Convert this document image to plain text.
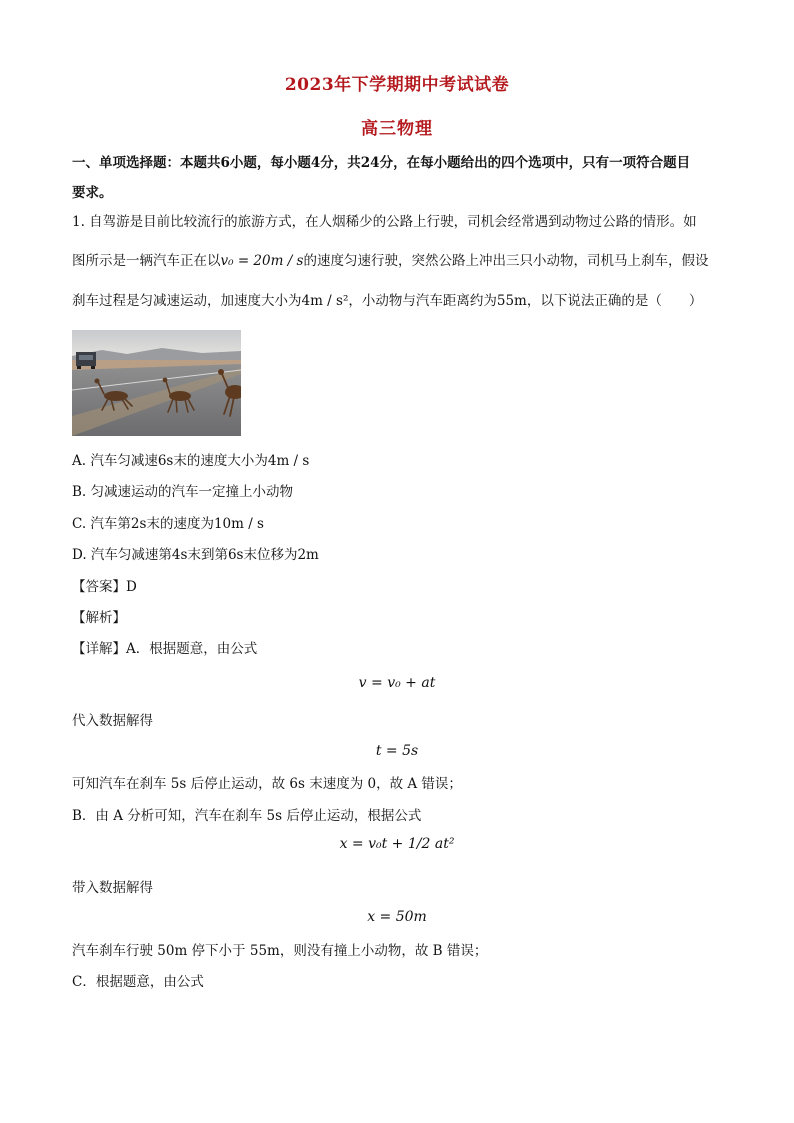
2023年下学期期中考试试卷
高三物理
一、单项选择题：本题共6小题，每小题4分，共24分，在每小题给出的四个选项中，只有一项符合题目
要求。
1. 自驾游是目前比较流行的旅游方式，在人烟稀少的公路上行驶，司机会经常遇到动物过公路的情形。如
图所示是一辆汽车正在以v₀ = 20m / s的速度匀速行驶，突然公路上冲出三只小动物，司机马上刹车，假设
刹车过程是匀减速运动，加速度大小为4m / s²，小动物与汽车距离约为55m，以下说法正确的是（　　）
A. 汽车匀减速6s末的速度大小为4m / s
B. 匀减速运动的汽车一定撞上小动物
C. 汽车第2s末的速度为10m / s
D. 汽车匀减速第4s末到第6s末位移为2m
【答案】D
【解析】
【详解】A．根据题意，由公式
v = v₀ + at
代入数据解得
t = 5s
可知汽车在刹车 5s 后停止运动，故 6s 末速度为 0，故 A 错误；
B．由 A 分析可知，汽车在刹车 5s 后停止运动，根据公式
x = v₀t + 1/2 at²
带入数据解得
x = 50m
汽车刹车行驶 50m 停下小于 55m，则没有撞上小动物，故 B 错误；
C．根据题意，由公式
